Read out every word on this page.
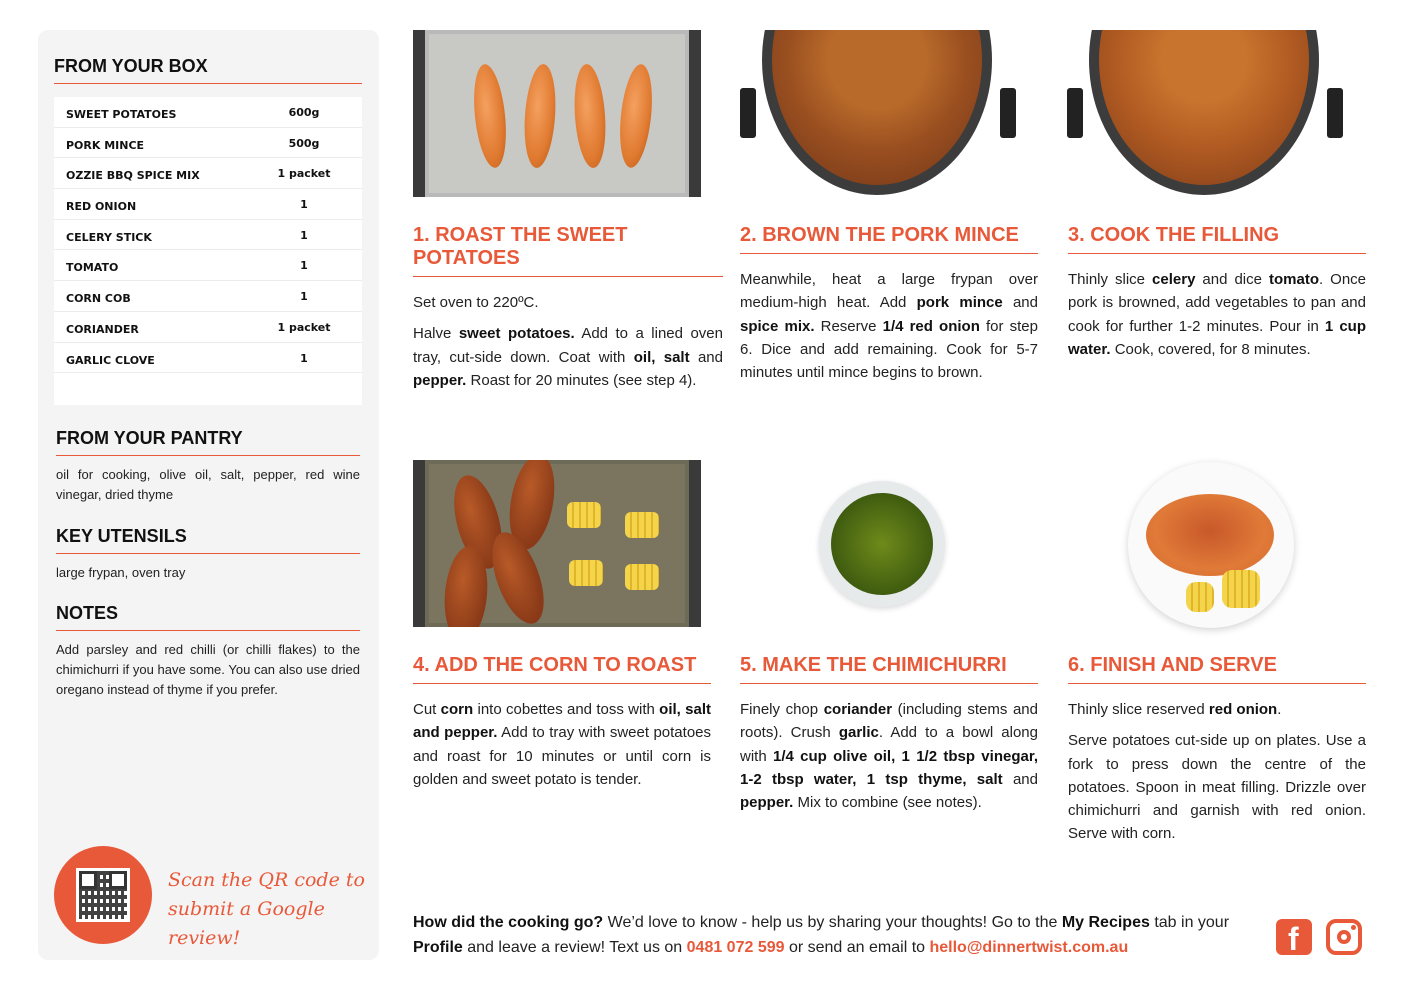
FROM YOUR BOX
SWEET POTATOES	600g
PORK MINCE	500g
OZZIE BBQ SPICE MIX	1 packet
RED ONION	1
CELERY STICK	1
TOMATO	1
CORN COB	1
CORIANDER	1 packet
GARLIC CLOVE	1
FROM YOUR PANTRY

oil for cooking, olive oil, salt, pepper, red wine vinegar, dried thyme

KEY UTENSILS

large frypan, oven tray

NOTES

Add parsley and red chilli (or chilli flakes) to the chimichurri if you have some. You can also use dried oregano instead of thyme if you prefer.

Scan the QR code to submit a Google review!
1. ROAST THE SWEET POTATOES

Set oven to 220ºC.

Halve sweet potatoes. Add to a lined oven tray, cut-side down. Coat with oil, salt and pepper. Roast for 20 minutes (see step 4).

2. BROWN THE PORK MINCE

Meanwhile, heat a large frypan over medium-high heat. Add pork mince and spice mix. Reserve 1/4 red onion for step 6. Dice and add remaining. Cook for 5-7 minutes until mince begins to brown.

3. COOK THE FILLING

Thinly slice celery and dice tomato. Once pork is browned, add vegetables to pan and cook for further 1-2 minutes. Pour in 1 cup water. Cook, covered, for 8 minutes.

4. ADD THE CORN TO ROAST

Cut corn into cobettes and toss with oil, salt and pepper. Add to tray with sweet potatoes and roast for 10 minutes or until corn is golden and sweet potato is tender.

5. MAKE THE CHIMICHURRI

Finely chop coriander (including stems and roots). Crush garlic. Add to a bowl along with 1/4 cup olive oil, 1 1/2 tbsp vinegar, 1-2 tbsp water, 1 tsp thyme, salt and pepper. Mix to combine (see notes).

6. FINISH AND SERVE

Thinly slice reserved red onion.

Serve potatoes cut-side up on plates. Use a fork to press down the centre of the potatoes. Spoon in meat filling. Drizzle over chimichurri and garnish with red onion. Serve with corn.

How did the cooking go? We’d love to know - help us by sharing your thoughts! Go to the My Recipes tab in your Profile and leave a review! Text us on 0481 072 599 or send an email to hello@dinnertwist.com.au	f
